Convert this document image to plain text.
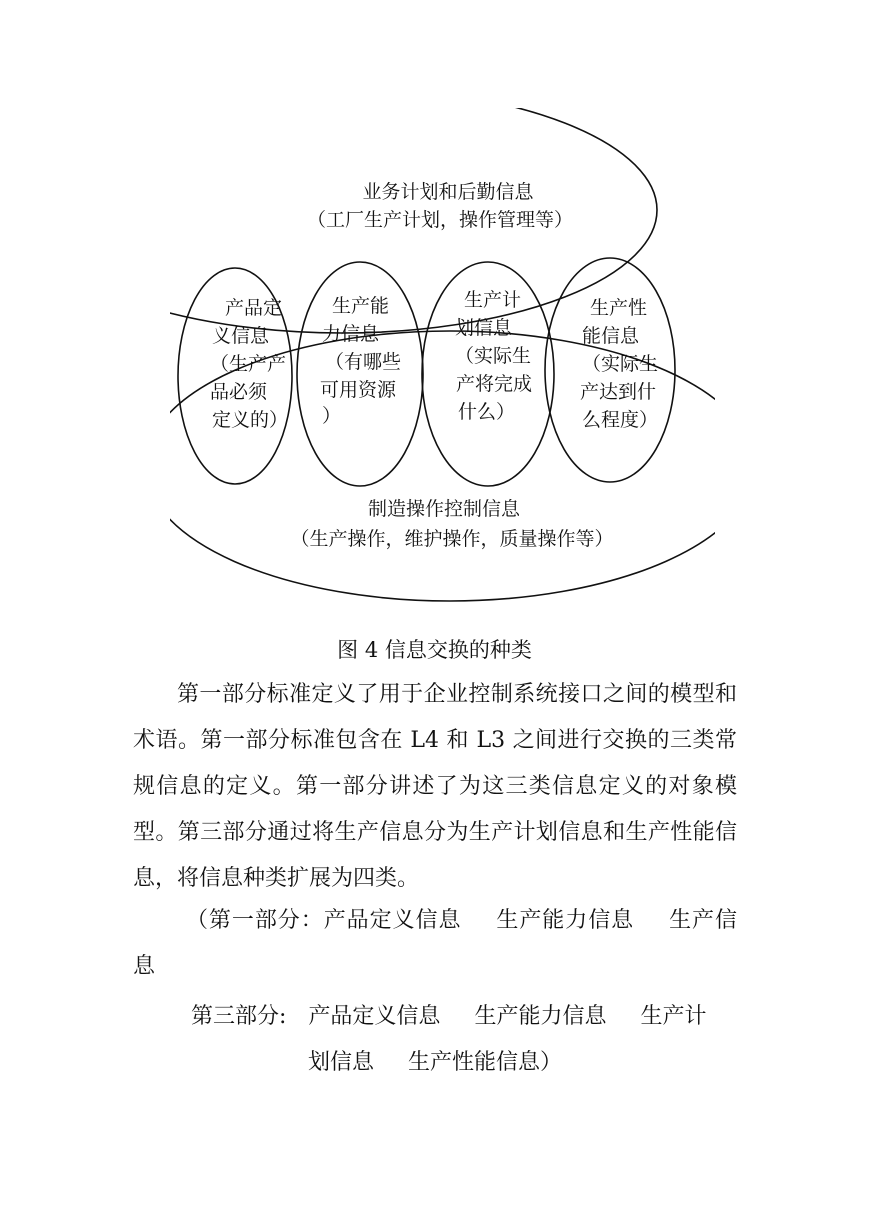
业务计划和后勤信息
（工厂生产计划，操作管理等）
制造操作控制信息
（生产操作，维护操作，质量操作等）
产品定
义信息
（生产产
品必须
定义的）
生产能
力信息
（有哪些
可用资源
）
生产计
划信息
（实际生
产将完成
什么）
生产性
能信息
（实际生
产达到什
么程度）
图 4 信息交换的种类

第一部分标准定义了用于企业控制系统接口之间的模型和术语。第一部分标准包含在 L4 和 L3 之间进行交换的三类常规信息的定义。第一部分讲述了为这三类信息定义的对象模型。第三部分通过将生产信息分为生产计划信息和生产性能信息，将信息种类扩展为四类。

（第一部分：产品定义信息 生产能力信息 生产信息

第三部分: 产品定义信息 生产能力信息 生产计
划信息 生产性能信息）
